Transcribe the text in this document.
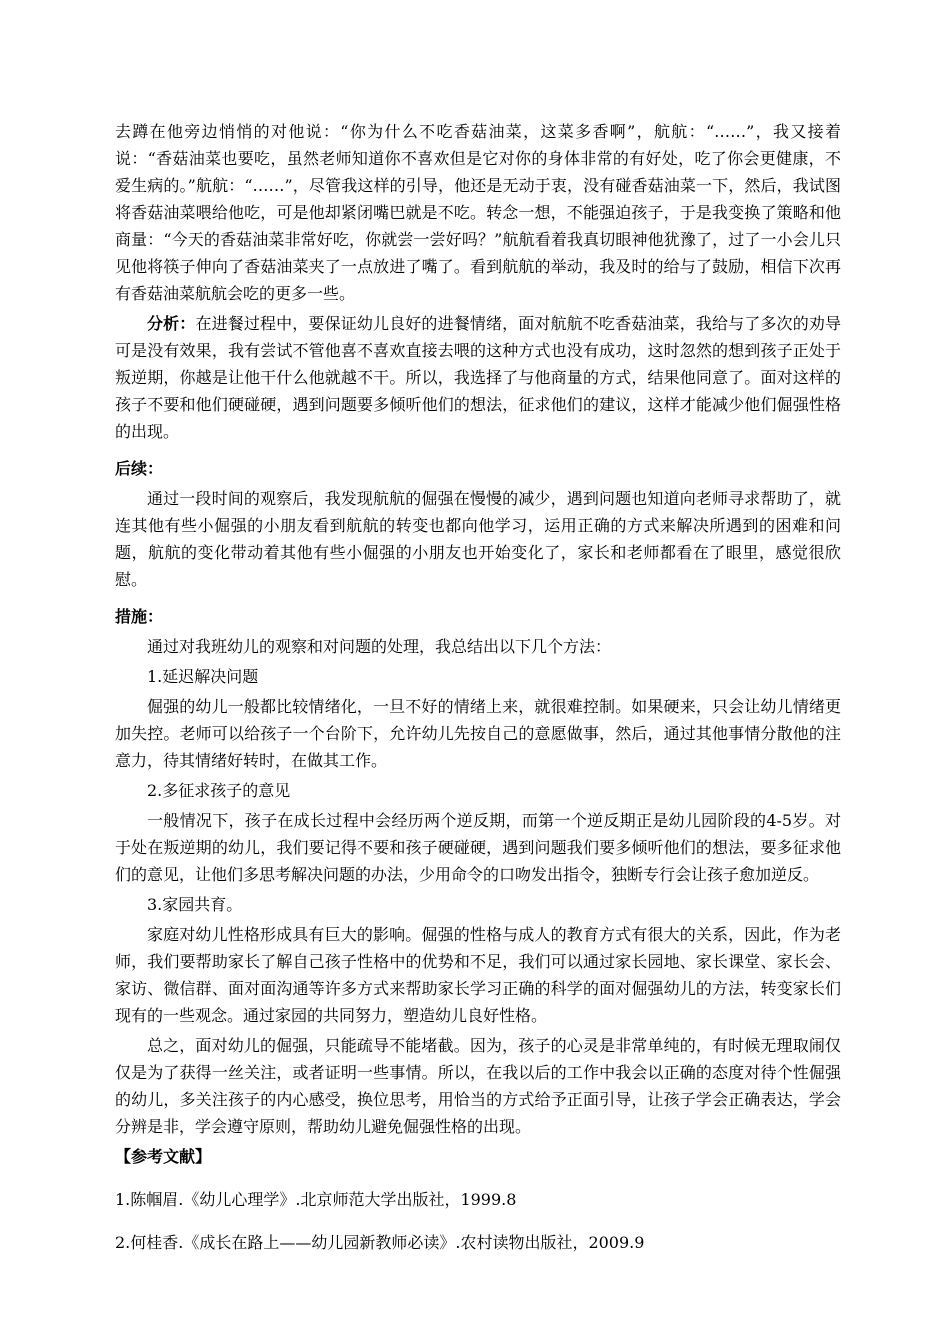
去蹲在他旁边悄悄的对他说：“你为什么不吃香菇油菜，这菜多香啊”，航航：“……”，我又接着说：“香菇油菜也要吃，虽然老师知道你不喜欢但是它对你的身体非常的有好处，吃了你会更健康，不爱生病的。”航航：“……”，尽管我这样的引导，他还是无动于衷，没有碰香菇油菜一下，然后，我试图将香菇油菜喂给他吃，可是他却紧闭嘴巴就是不吃。转念一想，不能强迫孩子，于是我变换了策略和他商量：“今天的香菇油菜非常好吃，你就尝一尝好吗？”航航看着我真切眼神他犹豫了，过了一小会儿只见他将筷子伸向了香菇油菜夹了一点放进了嘴了。看到航航的举动，我及时的给与了鼓励，相信下次再有香菇油菜航航会吃的更多一些。

分析：在进餐过程中，要保证幼儿良好的进餐情绪，面对航航不吃香菇油菜，我给与了多次的劝导可是没有效果，我有尝试不管他喜不喜欢直接去喂的这种方式也没有成功，这时忽然的想到孩子正处于叛逆期，你越是让他干什么他就越不干。所以，我选择了与他商量的方式，结果他同意了。面对这样的孩子不要和他们硬碰硬，遇到问题要多倾听他们的想法，征求他们的建议，这样才能减少他们倔强性格的出现。

后续：

通过一段时间的观察后，我发现航航的倔强在慢慢的减少，遇到问题也知道向老师寻求帮助了，就连其他有些小倔强的小朋友看到航航的转变也都向他学习，运用正确的方式来解决所遇到的困难和问题，航航的变化带动着其他有些小倔强的小朋友也开始变化了，家长和老师都看在了眼里，感觉很欣慰。

措施：

通过对我班幼儿的观察和对问题的处理，我总结出以下几个方法：

1.延迟解决问题

倔强的幼儿一般都比较情绪化，一旦不好的情绪上来，就很难控制。如果硬来，只会让幼儿情绪更加失控。老师可以给孩子一个台阶下，允许幼儿先按自己的意愿做事，然后，通过其他事情分散他的注意力，待其情绪好转时，在做其工作。

2.多征求孩子的意见

一般情况下，孩子在成长过程中会经历两个逆反期，而第一个逆反期正是幼儿园阶段的4-5岁。对于处在叛逆期的幼儿，我们要记得不要和孩子硬碰硬，遇到问题我们要多倾听他们的想法，要多征求他们的意见，让他们多思考解决问题的办法，少用命令的口吻发出指令，独断专行会让孩子愈加逆反。

3.家园共育。

家庭对幼儿性格形成具有巨大的影响。倔强的性格与成人的教育方式有很大的关系，因此，作为老师，我们要帮助家长了解自己孩子性格中的优势和不足，我们可以通过家长园地、家长课堂、家长会、家访、微信群、面对面沟通等许多方式来帮助家长学习正确的科学的面对倔强幼儿的方法，转变家长们现有的一些观念。通过家园的共同努力，塑造幼儿良好性格。

总之，面对幼儿的倔强，只能疏导不能堵截。因为，孩子的心灵是非常单纯的，有时候无理取闹仅仅是为了获得一丝关注，或者证明一些事情。所以，在我以后的工作中我会以正确的态度对待个性倔强的幼儿，多关注孩子的内心感受，换位思考，用恰当的方式给予正面引导，让孩子学会正确表达，学会分辨是非，学会遵守原则，帮助幼儿避免倔强性格的出现。

【参考文献】

1.陈帼眉.《幼儿心理学》.北京师范大学出版社，1999.8

2.何桂香.《成长在路上——幼儿园新教师必读》.农村读物出版社，2009.9
